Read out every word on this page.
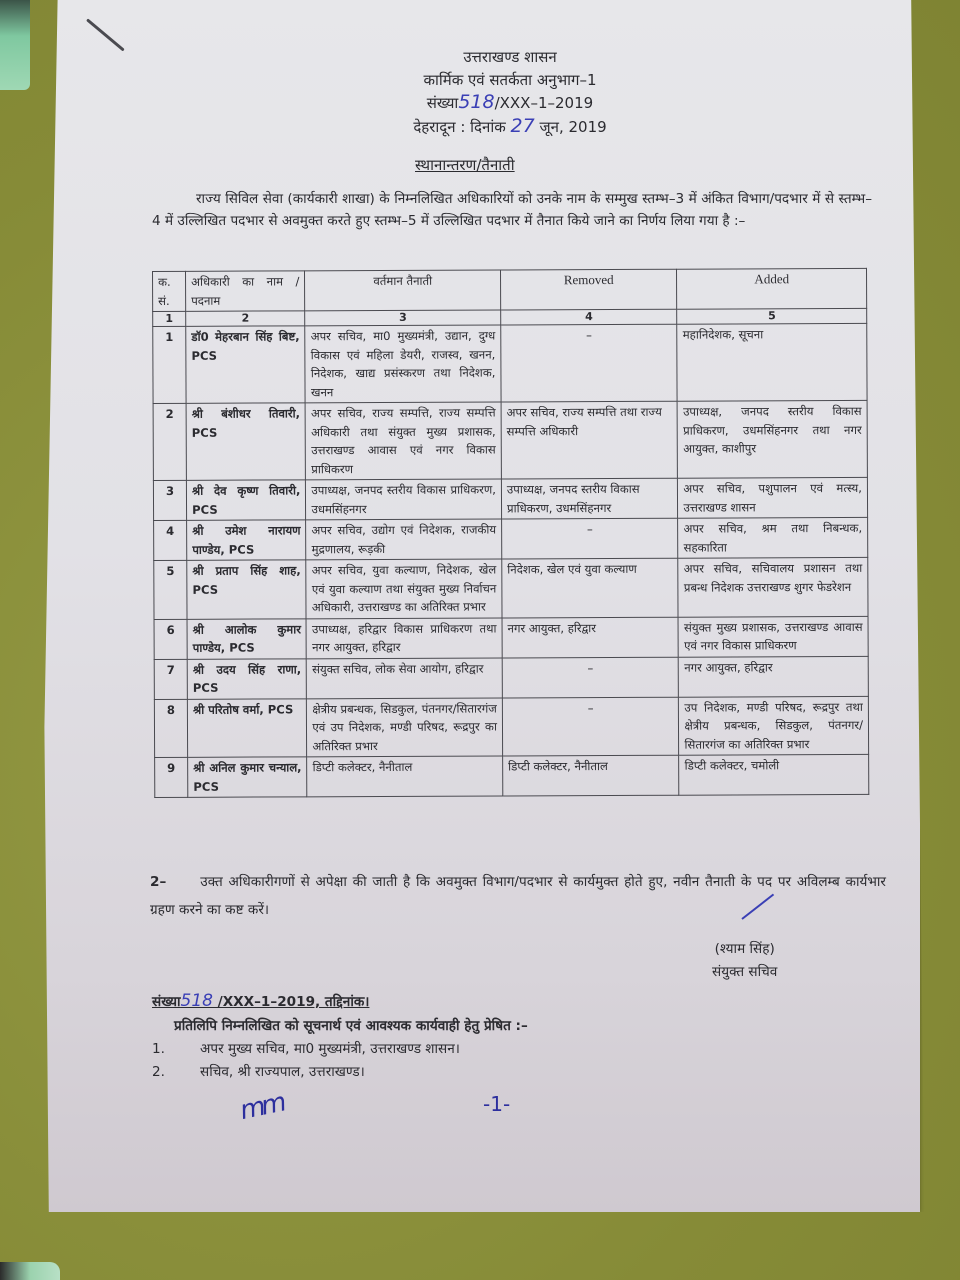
उत्तराखण्ड शासन
कार्मिक एवं सतर्कता अनुभाग–1
संख्या518/XXX–1–2019
देहरादून : दिनांक 27 जून, 2019
स्थानान्तरण/तैनाती

राज्य सिविल सेवा (कार्यकारी शाखा) के निम्नलिखित अधिकारियों को उनके नाम के सम्मुख स्तम्भ–3 में अंकित विभाग/पदभार में से स्तम्भ–4 में उल्लिखित पदभार से अवमुक्त करते हुए स्तम्भ–5 में उल्लिखित पदभार में तैनात किये जाने का निर्णय लिया गया है :–

क. सं.	अधिकारी का नाम /पदनाम	वर्तमान तैनाती	Removed	Added
1	2	3	4	5
1	डॉ0 मेहरबान सिंह बिष्ट, PCS	अपर सचिव, मा0 मुख्यमंत्री, उद्यान, दुग्ध विकास एवं महिला डेयरी, राजस्व, खनन, निदेशक, खाद्य प्रसंस्करण तथा निदेशक, खनन	–	महानिदेशक, सूचना
2	श्री बंशीधर तिवारी, PCS	अपर सचिव, राज्य सम्पत्ति, राज्य सम्पत्ति अधिकारी तथा संयुक्त मुख्य प्रशासक, उत्तराखण्ड आवास एवं नगर विकास प्राधिकरण	अपर सचिव, राज्य सम्पत्ति तथा राज्य सम्पत्ति अधिकारी	उपाध्यक्ष, जनपद स्तरीय विकास प्राधिकरण, उधमसिंहनगर तथा नगर आयुक्त, काशीपुर
3	श्री देव कृष्ण तिवारी, PCS	उपाध्यक्ष, जनपद स्तरीय विकास प्राधिकरण, उधमसिंहनगर	उपाध्यक्ष, जनपद स्तरीय विकास प्राधिकरण, उधमसिंहनगर	अपर सचिव, पशुपालन एवं मत्स्य, उत्तराखण्ड शासन
4	श्री उमेश नारायण पाण्डेय, PCS	अपर सचिव, उद्योग एवं निदेशक, राजकीय मुद्रणालय, रूड़की	–	अपर सचिव, श्रम तथा निबन्धक, सहकारिता
5	श्री प्रताप सिंह शाह, PCS	अपर सचिव, युवा कल्याण, निदेशक, खेल एवं युवा कल्याण तथा संयुक्त मुख्य निर्वाचन अधिकारी, उत्तराखण्ड का अतिरिक्त प्रभार	निदेशक, खेल एवं युवा कल्याण	अपर सचिव, सचिवालय प्रशासन तथा प्रबन्ध निदेशक उत्तराखण्ड शुगर फेडरेशन
6	श्री आलोक कुमार पाण्डेय, PCS	उपाध्यक्ष, हरिद्वार विकास प्राधिकरण तथा नगर आयुक्त, हरिद्वार	नगर आयुक्त, हरिद्वार	संयुक्त मुख्य प्रशासक, उत्तराखण्ड आवास एवं नगर विकास प्राधिकरण
7	श्री उदय सिंह राणा, PCS	संयुक्त सचिव, लोक सेवा आयोग, हरिद्वार	–	नगर आयुक्त, हरिद्वार
8	श्री परितोष वर्मा, PCS	क्षेत्रीय प्रबन्धक, सिडकुल, पंतनगर/सितारगंज एवं उप निदेशक, मण्डी परिषद, रूद्रपुर का अतिरिक्त प्रभार	–	उप निदेशक, मण्डी परिषद, रूद्रपुर तथा क्षेत्रीय प्रबन्धक, सिडकुल, पंतनगर/सितारगंज का अतिरिक्त प्रभार
9	श्री अनिल कुमार चन्याल, PCS	डिप्टी कलेक्टर, नैनीताल	डिप्टी कलेक्टर, नैनीताल	डिप्टी कलेक्टर, चमोली
2–	उक्त अधिकारीगणों से अपेक्षा की जाती है कि अवमुक्त विभाग/पदभार से कार्यमुक्त होते हुए, नवीन तैनाती के पद पर अविलम्ब कार्यभार ग्रहण करने का कष्ट करें।
(श्याम सिंह)
संयुक्त सचिव
संख्या518 /XXX–1–2019, तद्दिनांक।
प्रतिलिपि निम्नलिखित को सूचनार्थ एवं आवश्यक कार्यवाही हेतु प्रेषित :–
1.	अपर मुख्य सचिव, मा0 मुख्यमंत्री, उत्तराखण्ड शासन।
2.	सचिव, श्री राज्यपाल, उत्तराखण्ड।
mm	-1-
